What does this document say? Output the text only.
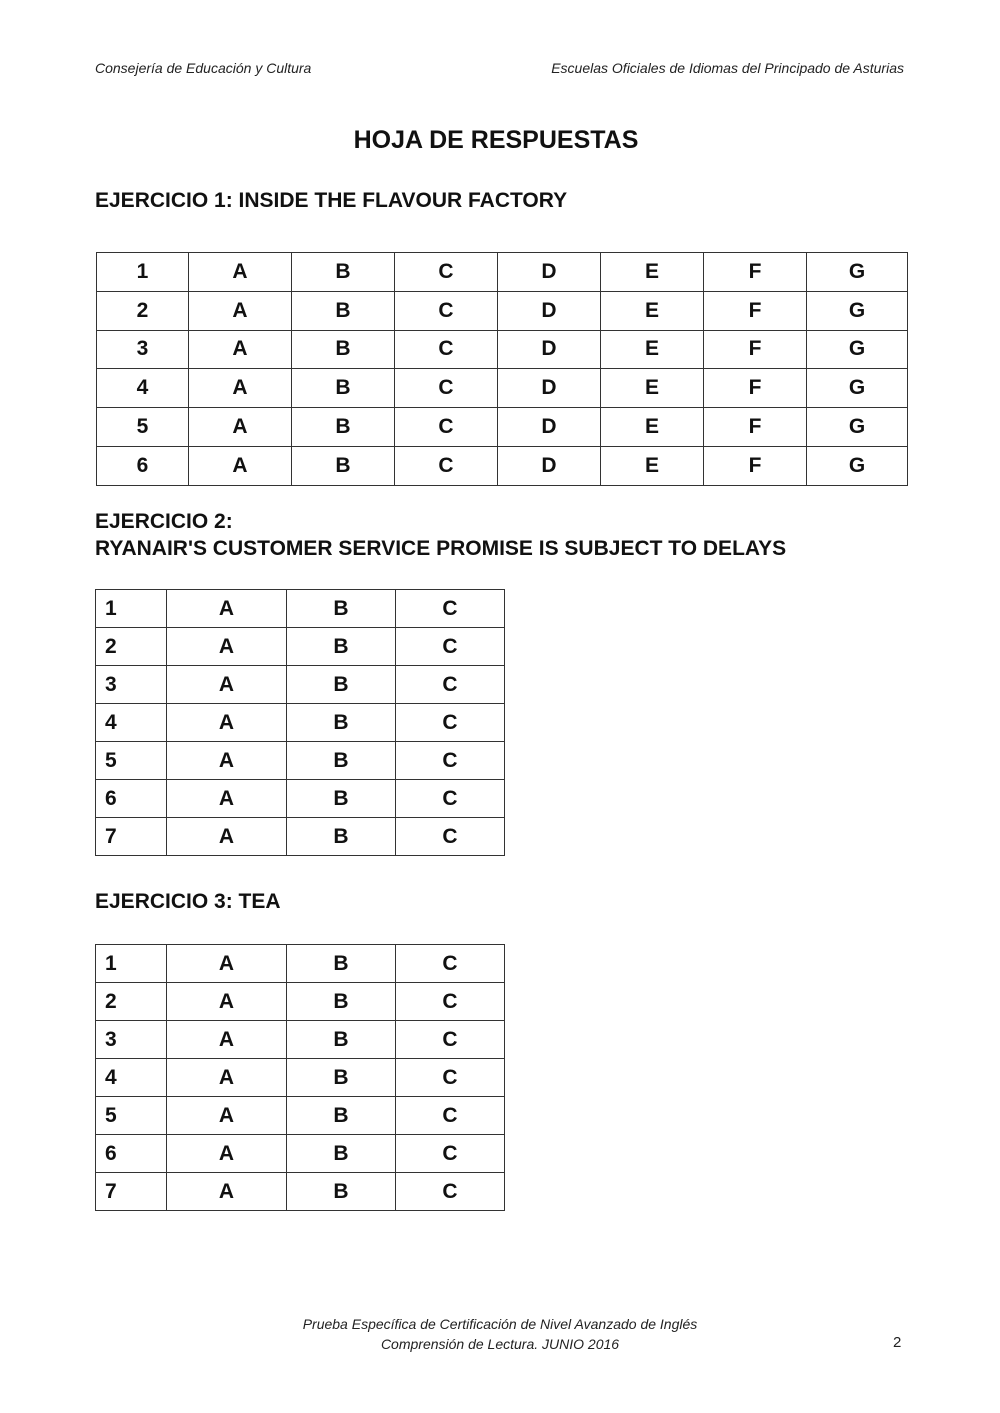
Consejería de Educación y Cultura	Escuelas Oficiales de Idiomas del Principado de Asturias
HOJA DE RESPUESTAS
EJERCICIO 1: INSIDE THE FLAVOUR FACTORY
1	A	B	C	D	E	F	G
2	A	B	C	D	E	F	G
3	A	B	C	D	E	F	G
4	A	B	C	D	E	F	G
5	A	B	C	D	E	F	G
6	A	B	C	D	E	F	G
EJERCICIO 2:
RYANAIR'S CUSTOMER SERVICE PROMISE IS SUBJECT TO DELAYS
1	A	B	C
2	A	B	C
3	A	B	C
4	A	B	C
5	A	B	C
6	A	B	C
7	A	B	C
EJERCICIO 3: TEA
1	A	B	C
2	A	B	C
3	A	B	C
4	A	B	C
5	A	B	C
6	A	B	C
7	A	B	C
Prueba Específica de Certificación de Nivel Avanzado de Inglés
Comprensión de Lectura. JUNIO 2016	2
